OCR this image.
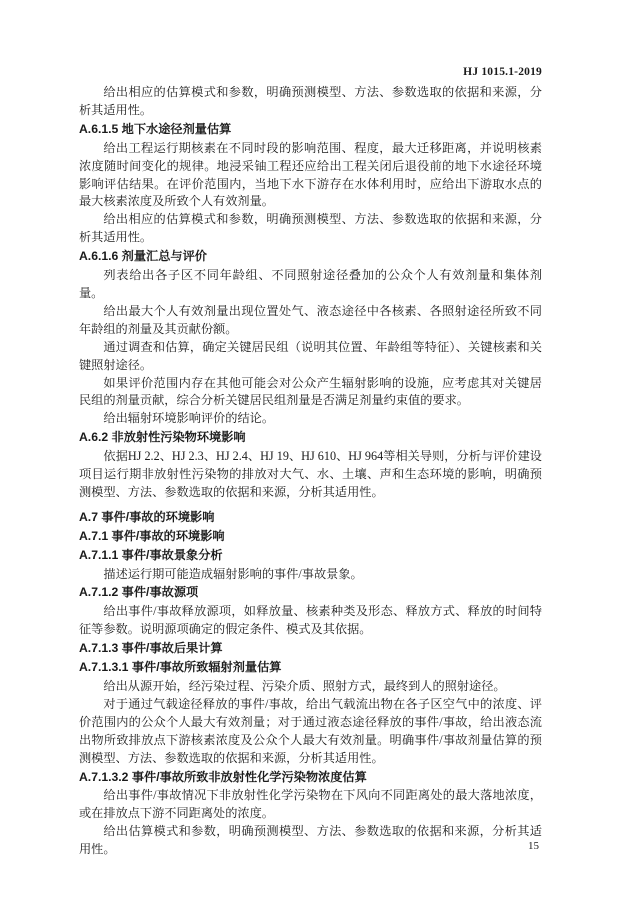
HJ 1015.1-2019

给出相应的估算模式和参数，明确预测模型、方法、参数选取的依据和来源，分析其适用性。

A.6.1.5 地下水途径剂量估算

给出工程运行期核素在不同时段的影响范围、程度，最大迁移距离，并说明核素浓度随时间变化的规律。地浸采铀工程还应给出工程关闭后退役前的地下水途径环境影响评估结果。在评价范围内，当地下水下游存在水体利用时，应给出下游取水点的最大核素浓度及所致个人有效剂量。

给出相应的估算模式和参数，明确预测模型、方法、参数选取的依据和来源，分析其适用性。

A.6.1.6 剂量汇总与评价

列表给出各子区不同年龄组、不同照射途径叠加的公众个人有效剂量和集体剂量。

给出最大个人有效剂量出现位置处气、液态途径中各核素、各照射途径所致不同年龄组的剂量及其贡献份额。

通过调查和估算，确定关键居民组（说明其位置、年龄组等特征）、关键核素和关键照射途径。

如果评价范围内存在其他可能会对公众产生辐射影响的设施，应考虑其对关键居民组的剂量贡献，综合分析关键居民组剂量是否满足剂量约束值的要求。

给出辐射环境影响评价的结论。

A.6.2 非放射性污染物环境影响

依据HJ 2.2、HJ 2.3、HJ 2.4、HJ 19、HJ 610、HJ 964等相关导则，分析与评价建设项目运行期非放射性污染物的排放对大气、水、土壤、声和生态环境的影响，明确预测模型、方法、参数选取的依据和来源，分析其适用性。

A.7 事件/事故的环境影响
A.7.1 事件/事故的环境影响
A.7.1.1 事件/事故景象分析

描述运行期可能造成辐射影响的事件/事故景象。

A.7.1.2 事件/事故源项

给出事件/事故释放源项，如释放量、核素种类及形态、释放方式、释放的时间特征等参数。说明源项确定的假定条件、模式及其依据。

A.7.1.3 事件/事故后果计算
A.7.1.3.1 事件/事故所致辐射剂量估算

给出从源开始，经污染过程、污染介质、照射方式，最终到人的照射途径。

对于通过气载途径释放的事件/事故，给出气载流出物在各子区空气中的浓度、评价范围内的公众个人最大有效剂量；对于通过液态途径释放的事件/事故，给出液态流出物所致排放点下游核素浓度及公众个人最大有效剂量。明确事件/事故剂量估算的预测模型、方法、参数选取的依据和来源，分析其适用性。

A.7.1.3.2 事件/事故所致非放射性化学污染物浓度估算

给出事件/事故情况下非放射性化学污染物在下风向不同距离处的最大落地浓度，或在排放点下游不同距离处的浓度。

给出估算模式和参数，明确预测模型、方法、参数选取的依据和来源，分析其适用性。	15
